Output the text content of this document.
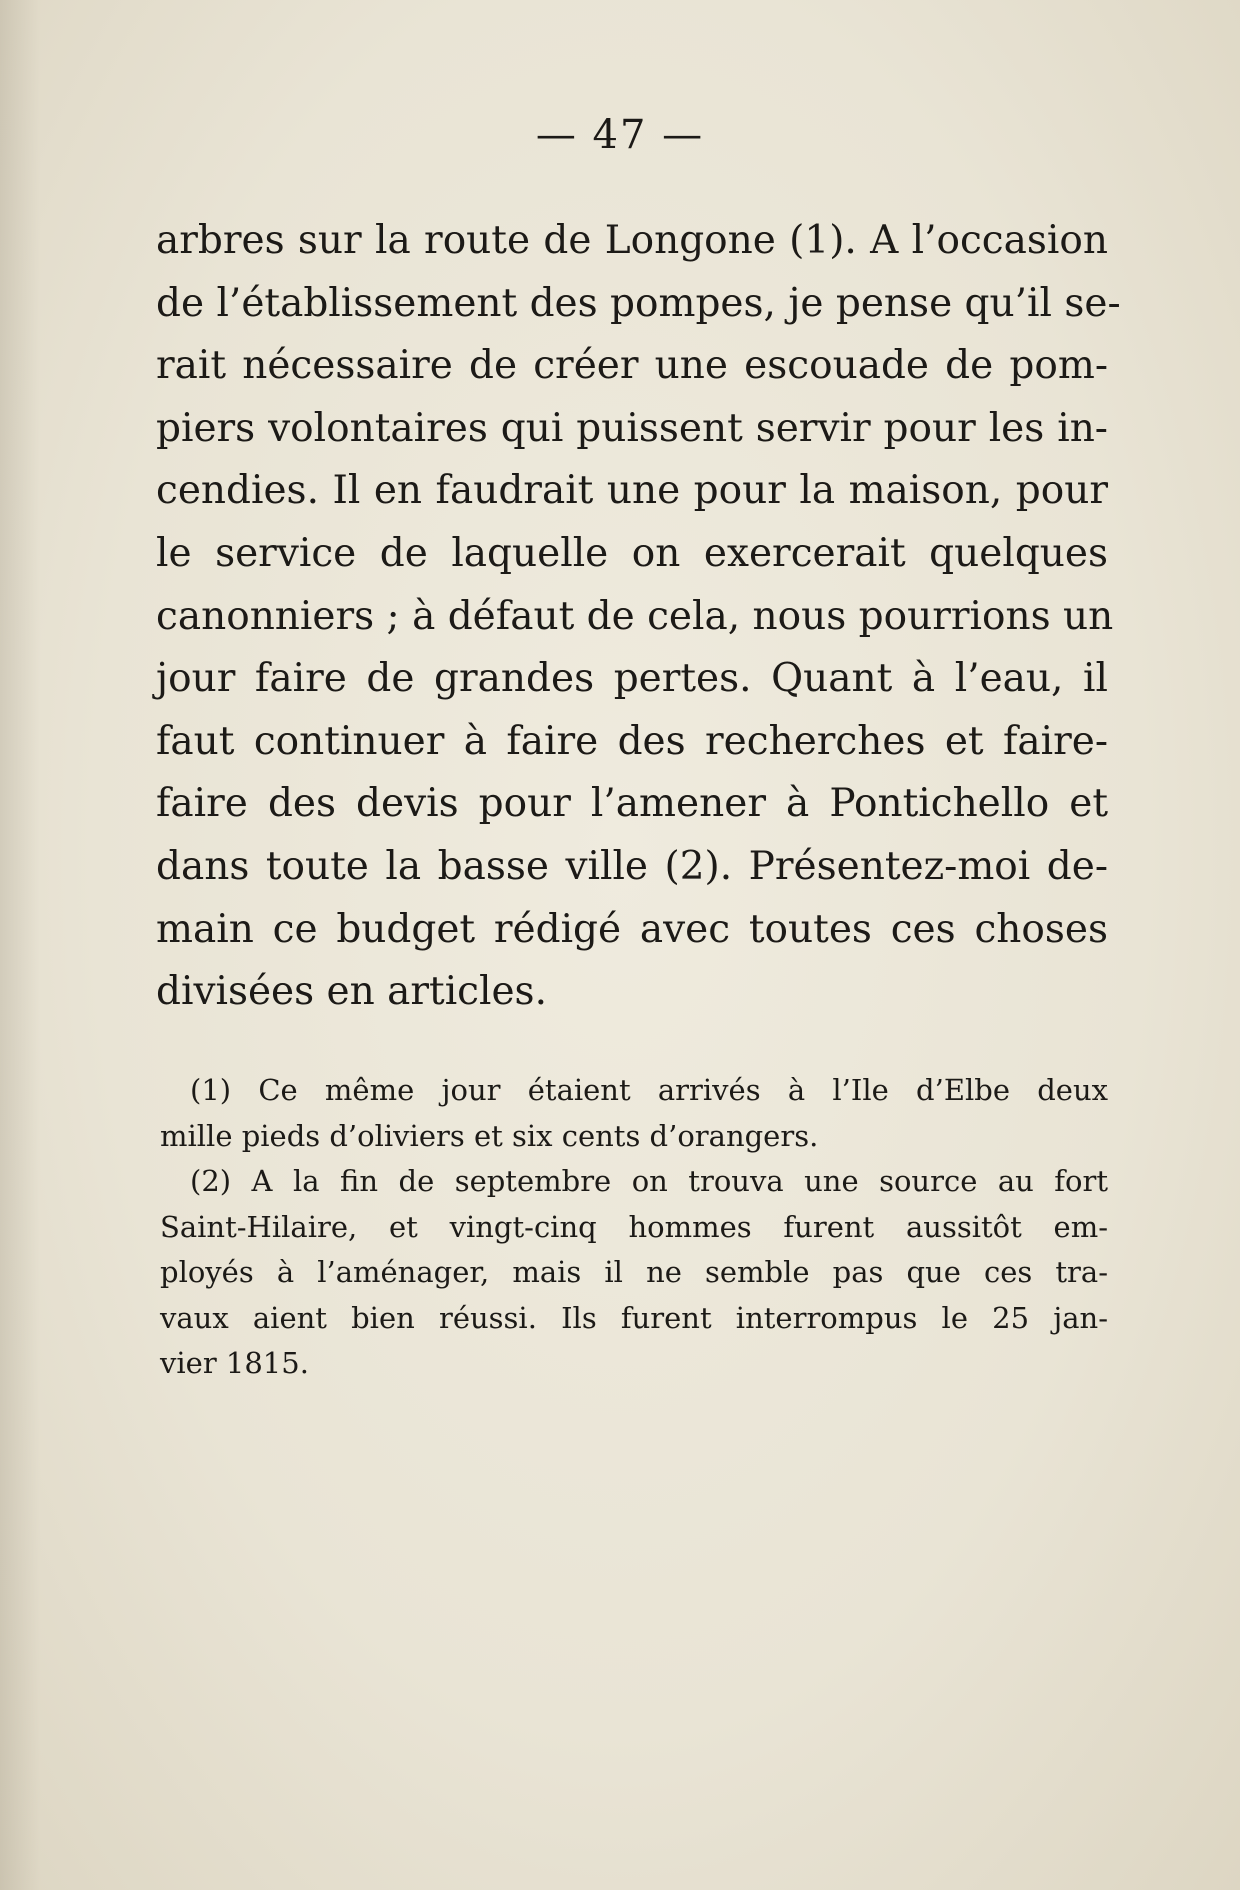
— 47 —
arbres sur la route de Longone (1). A l’occasion
de l’établissement des pompes, je pense qu’il se-
rait nécessaire de créer une escouade de pom-
piers volontaires qui puissent servir pour les in-
cendies. Il en faudrait une pour la maison, pour
le service de laquelle on exercerait quelques
canonniers ; à défaut de cela, nous pourrions un
jour faire de grandes pertes. Quant à l’eau, il
faut continuer à faire des recherches et faire-
faire des devis pour l’amener à Pontichello et
dans toute la basse ville (2). Présentez-moi de-
main ce budget rédigé avec toutes ces choses
divisées en articles.
(1) Ce même jour étaient arrivés à l’Ile d’Elbe deux
mille pieds d’oliviers et six cents d’orangers.
(2) A la fin de septembre on trouva une source au fort
Saint-Hilaire, et vingt-cinq hommes furent aussitôt em-
ployés à l’aménager, mais il ne semble pas que ces tra-
vaux aient bien réussi. Ils furent interrompus le 25 jan-
vier 1815.
